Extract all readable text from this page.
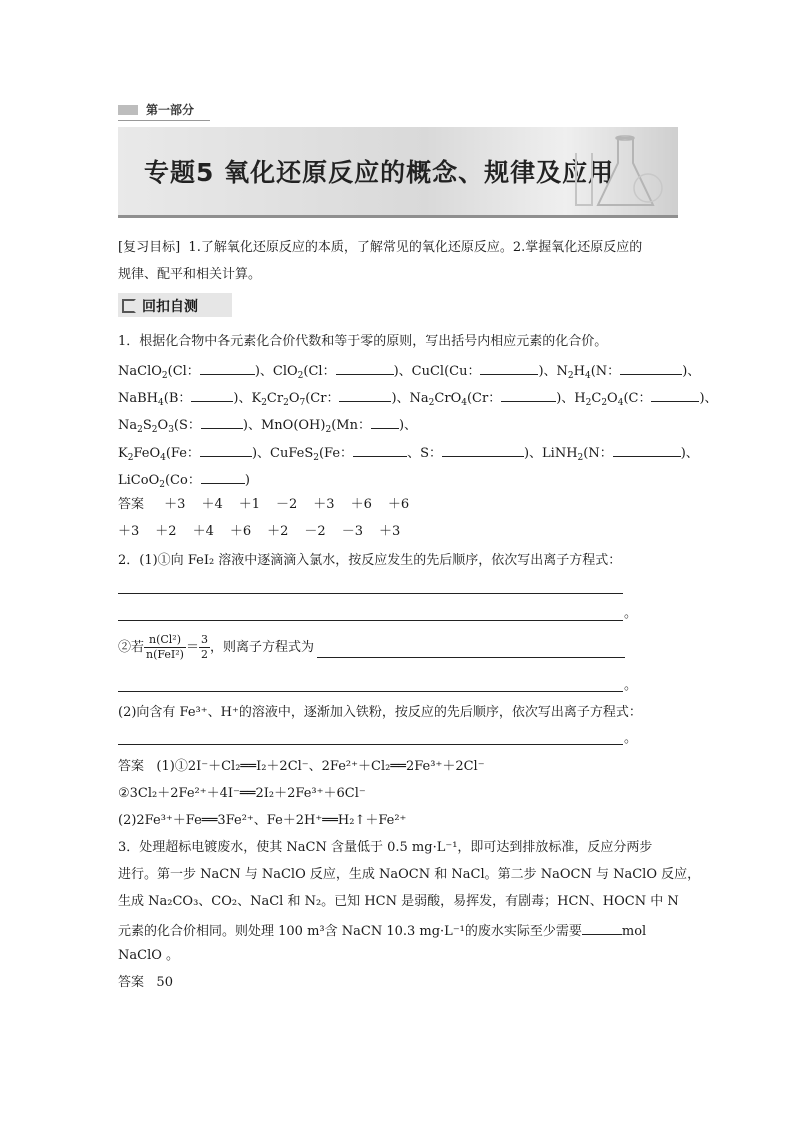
第一部分
专题5 氧化还原反应的概念、规律及应用
[复习目标] 1.了解氧化还原反应的本质，了解常见的氧化还原反应。2.掌握氧化还原反应的
规律、配平和相关计算。
回扣自测
1．根据化合物中各元素化合价代数和等于零的原则，写出括号内相应元素的化合价。
NaClO$_2$(Cl：	)、ClO$_2$(Cl：	)、CuCl(Cu：	)、$N_2H_4(N$：	)、
NaBH$_4$(B：	)、$K_2Cr_2O_7(Cr$：	)、$Na_2CrO_4(Cr$：	)、$H_2C_2O_4(C$：	)、
$Na_2S_2O_3(S$：	)、$MnO(OH)_2(Mn$： )、
$K_2FeO_4(Fe$：	)、CuFeS$_2$(Fe：	、S：	)、LiNH$_2$(N：	)、
LiCoO$_2$(Co：	)
答案 ＋3 ＋4 ＋1 －2 ＋3 ＋6 ＋6
＋3 ＋2 ＋4 ＋6 ＋2 －2 －3 ＋3
2．(1)①向 FeI₂ 溶液中逐滴滴入氯水，按反应发生的先后顺序，依次写出离子方程式：
。
②若 $\frac{\text{n(Cl²)}}{\text{n(FeI²)}} = \frac{3}{2}$ ，则离子方程式为
。
(2)向含有 Fe³⁺、H⁺的溶液中，逐渐加入铁粉，按反应的先后顺序，依次写出离子方程式：
。
答案 (1)①2I⁻＋Cl₂══I₂＋2Cl⁻、2Fe²⁺＋Cl₂══2Fe³⁺＋2Cl⁻
②3Cl₂＋2Fe²⁺＋4I⁻══2I₂＋2Fe³⁺＋6Cl⁻
(2)2Fe³⁺＋Fe══3Fe²⁺、Fe＋2H⁺══H₂↑＋Fe²⁺
3．处理超标电镀废水，使其 NaCN 含量低于 0.5 mg·L⁻¹，即可达到排放标准，反应分两步
进行。第一步 NaCN 与 NaClO 反应，生成 NaOCN 和 NaCl。第二步 NaOCN 与 NaClO 反应，
生成 Na₂CO₃、CO₂、NaCl 和 N₂。已知 HCN 是弱酸，易挥发，有剧毒；HCN、HOCN 中 N
元素的化合价相同。则处理 100 m³含 NaCN 10.3 mg·L⁻¹的废水实际至少需要	mol
NaClO 。
答案 50
